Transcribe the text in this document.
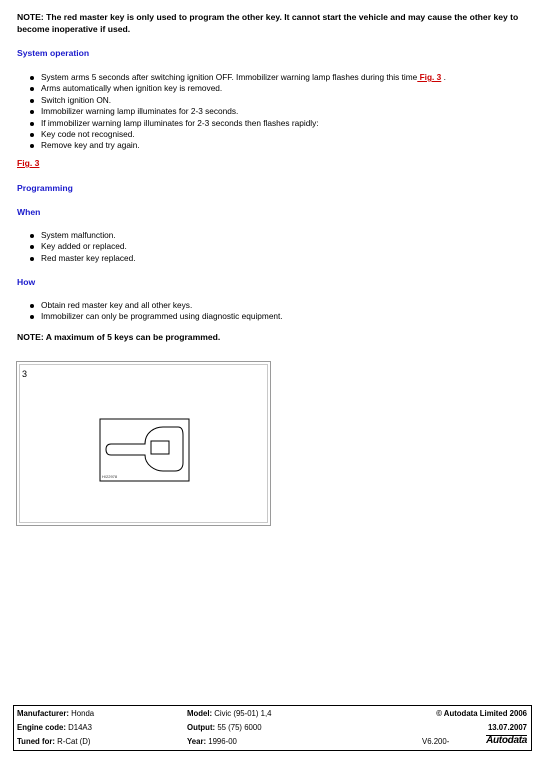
NOTE: The red master key is only used to program the other key. It cannot start the vehicle and may cause the other key to become inoperative if used.
System operation
System arms 5 seconds after switching ignition OFF. Immobilizer warning lamp flashes during this time Fig. 3 .
Arms automatically when ignition key is removed.
Switch ignition ON.
Immobilizer warning lamp illuminates for 2-3 seconds.
If immobilizer warning lamp illuminates for 2-3 seconds then flashes rapidly:
Key code not recognised.
Remove key and try again.
Fig. 3
Programming
When
System malfunction.
Key added or replaced.
Red master key replaced.
How
Obtain red master key and all other keys.
Immobilizer can only be programmed using diagnostic equipment.
NOTE: A maximum of 5 keys can be programmed.
3
H/22978
Manufacturer: Honda	Model: Civic (95-01) 1,4	© Autodata Limited 2006
Engine code: D14A3	Output: 55 (75) 6000	13.07.2007
Tuned for: R-Cat (D)	Year: 1996-00	V6.200-	Autodata
